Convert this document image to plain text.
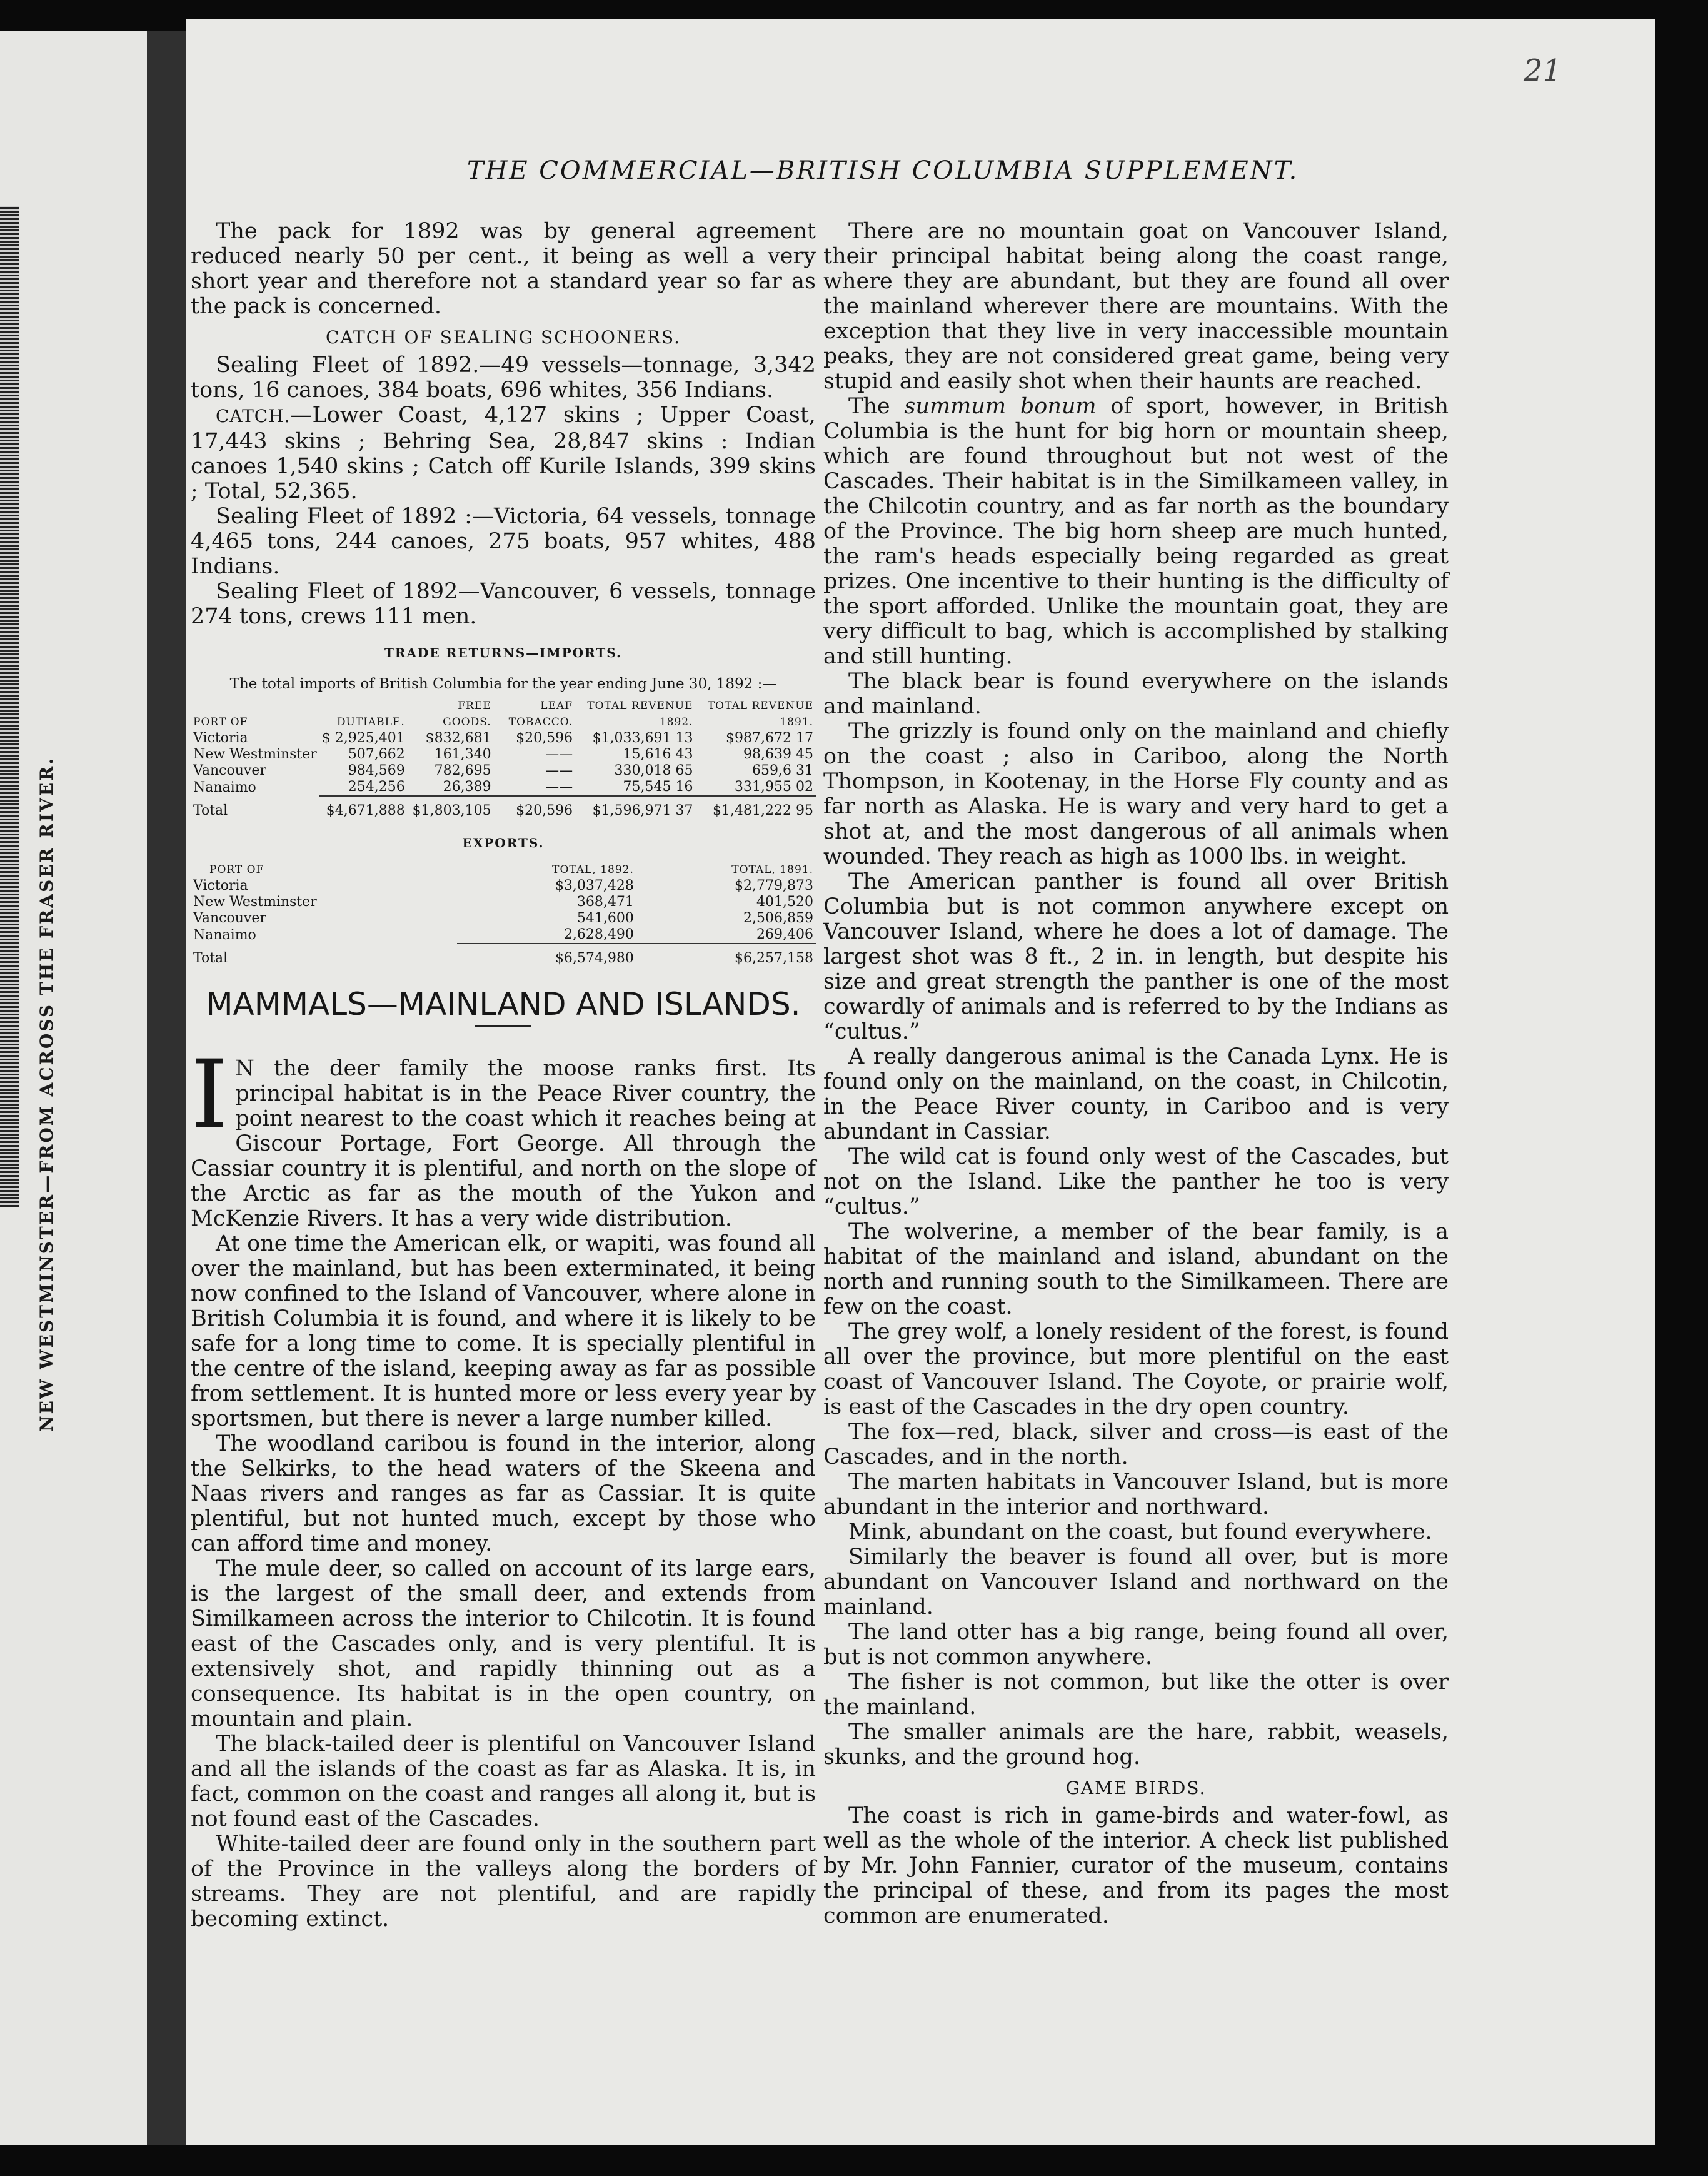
NEW WESTMINSTER—FROM ACROSS THE FRASER RIVER.
21
THE COMMERCIAL—BRITISH COLUMBIA SUPPLEMENT.

The pack for 1892 was by general agreement reduced nearly 50 per cent., it being as well a very short year and therefore not a standard year so far as the pack is concerned.

CATCH OF SEALING SCHOONERS.

Sealing Fleet of 1892.—49 vessels—tonnage, 3,342 tons, 16 canoes, 384 boats, 696 whites, 356 Indians.

CATCH.—Lower Coast, 4,127 skins ; Upper Coast, 17,443 skins ; Behring Sea, 28,847 skins : Indian canoes 1,540 skins ; Catch off Kurile Islands, 399 skins ; Total, 52,365.

Sealing Fleet of 1892 :—Victoria, 64 vessels, tonnage 4,465 tons, 244 canoes, 275 boats, 957 whites, 488 Indians.

Sealing Fleet of 1892—Vancouver, 6 vessels, tonnage 274 tons, crews 111 men.

TRADE RETURNS—IMPORTS.
The total imports of British Columbia for the year ending June 30, 1892 :—
PORT OF	DUTIABLE.	FREE GOODS.	LEAF TOBACCO.	TOTAL REVENUE 1892.	TOTAL REVENUE 1891.
Victoria	$ 2,925,401	$832,681	$20,596	$1,033,691 13	$987,672 17
New Westminster	507,662	161,340	——	15,616 43	98,639 45
Vancouver	984,569	782,695	——	330,018 65	659,6 31
Nanaimo	254,256	26,389	——	75,545 16	331,955 02
Total	$4,671,888	$1,803,105	$20,596	$1,596,971 37	$1,481,222 95
EXPORTS.
PORT OF	TOTAL, 1892.	TOTAL, 1891.
Victoria	$3,037,428	$2,779,873
New Westminster	368,471	401,520
Vancouver	541,600	2,506,859
Nanaimo	2,628,490	269,406
Total	$6,574,980	$6,257,158

MAMMALS—MAINLAND AND ISLANDS.

I N the deer family the moose ranks first. Its principal habitat is in the Peace River country, the point nearest to the coast which it reaches being at Giscour Portage, Fort George. All through the Cassiar country it is plentiful, and north on the slope of the Arctic as far as the mouth of the Yukon and McKenzie Rivers. It has a very wide distribution.

At one time the American elk, or wapiti, was found all over the mainland, but has been exterminated, it being now confined to the Island of Vancouver, where alone in British Columbia it is found, and where it is likely to be safe for a long time to come. It is specially plentiful in the centre of the island, keeping away as far as possible from settlement. It is hunted more or less every year by sportsmen, but there is never a large number killed.

The woodland caribou is found in the interior, along the Selkirks, to the head waters of the Skeena and Naas rivers and ranges as far as Cassiar. It is quite plentiful, but not hunted much, except by those who can afford time and money.

The mule deer, so called on account of its large ears, is the largest of the small deer, and extends from Similkameen across the interior to Chilcotin. It is found east of the Cascades only, and is very plentiful. It is extensively shot, and rapidly thinning out as a consequence. Its habitat is in the open country, on mountain and plain.

The black-tailed deer is plentiful on Vancouver Island and all the islands of the coast as far as Alaska. It is, in fact, common on the coast and ranges all along it, but is not found east of the Cascades.

White-tailed deer are found only in the southern part of the Province in the valleys along the borders of streams. They are not plentiful, and are rapidly becoming extinct.

There are no mountain goat on Vancouver Island, their principal habitat being along the coast range, where they are abundant, but they are found all over the mainland wherever there are mountains. With the exception that they live in very inaccessible mountain peaks, they are not considered great game, being very stupid and easily shot when their haunts are reached.

The summum bonum of sport, however, in British Columbia is the hunt for big horn or mountain sheep, which are found throughout but not west of the Cascades. Their habitat is in the Similkameen valley, in the Chilcotin country, and as far north as the boundary of the Province. The big horn sheep are much hunted, the ram's heads especially being regarded as great prizes. One incentive to their hunting is the difficulty of the sport afforded. Unlike the mountain goat, they are very difficult to bag, which is accomplished by stalking and still hunting.

The black bear is found everywhere on the islands and mainland.

The grizzly is found only on the mainland and chiefly on the coast ; also in Cariboo, along the North Thompson, in Kootenay, in the Horse Fly county and as far north as Alaska. He is wary and very hard to get a shot at, and the most dangerous of all animals when wounded. They reach as high as 1000 lbs. in weight.

The American panther is found all over British Columbia but is not common anywhere except on Vancouver Island, where he does a lot of damage. The largest shot was 8 ft., 2 in. in length, but despite his size and great strength the panther is one of the most cowardly of animals and is referred to by the Indians as “cultus.”

A really dangerous animal is the Canada Lynx. He is found only on the mainland, on the coast, in Chilcotin, in the Peace River county, in Cariboo and is very abundant in Cassiar.

The wild cat is found only west of the Cascades, but not on the Island. Like the panther he too is very “cultus.”

The wolverine, a member of the bear family, is a habitat of the mainland and island, abundant on the north and running south to the Similkameen. There are few on the coast.

The grey wolf, a lonely resident of the forest, is found all over the province, but more plentiful on the east coast of Vancouver Island. The Coyote, or prairie wolf, is east of the Cascades in the dry open country.

The fox—red, black, silver and cross—is east of the Cascades, and in the north.

The marten habitats in Vancouver Island, but is more abundant in the interior and northward.

Mink, abundant on the coast, but found everywhere.

Similarly the beaver is found all over, but is more abundant on Vancouver Island and northward on the mainland.

The land otter has a big range, being found all over, but is not common anywhere.

The fisher is not common, but like the otter is over the mainland.

The smaller animals are the hare, rabbit, weasels, skunks, and the ground hog.

GAME BIRDS.

The coast is rich in game-birds and water-fowl, as well as the whole of the interior. A check list published by Mr. John Fannier, curator of the museum, contains the principal of these, and from its pages the most common are enumerated.
